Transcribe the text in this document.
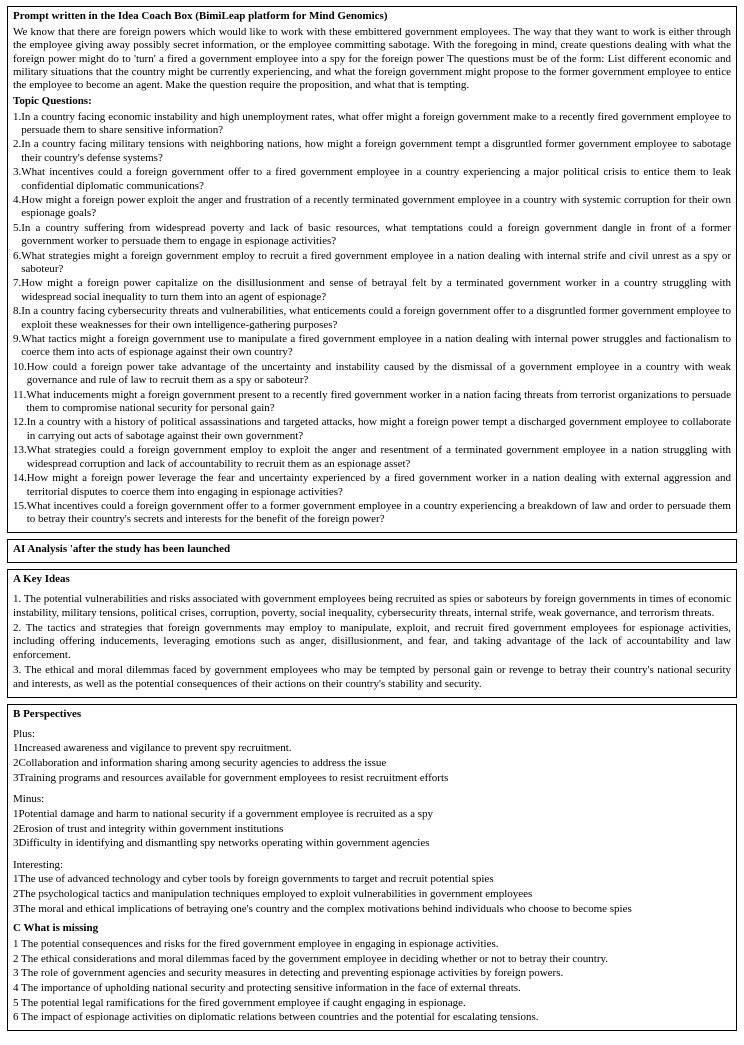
Prompt written in the Idea Coach Box (BimiLeap platform for Mind Genomics)
We know that there are foreign powers which would like to work with these embittered government employees. The way that they want to work is either through the employee giving away possibly secret information, or the employee committing sabotage. With the foregoing in mind, create questions dealing with what the foreign power might do to 'turn' a fired a government employee into a spy for the foreign power The questions must be of the form: List different economic and military situations that the country might be currently experiencing, and what the foreign government might propose to the former government employee to entice the employee to become an agent. Make the question require the proposition, and what that is tempting.
Topic Questions:
1. In a country facing economic instability and high unemployment rates, what offer might a foreign government make to a recently fired government employee to persuade them to share sensitive information?
2. In a country facing military tensions with neighboring nations, how might a foreign government tempt a disgruntled former government employee to sabotage their country's defense systems?
3. What incentives could a foreign government offer to a fired government employee in a country experiencing a major political crisis to entice them to leak confidential diplomatic communications?
4. How might a foreign power exploit the anger and frustration of a recently terminated government employee in a country with systemic corruption for their own espionage goals?
5. In a country suffering from widespread poverty and lack of basic resources, what temptations could a foreign government dangle in front of a former government worker to persuade them to engage in espionage activities?
6. What strategies might a foreign government employ to recruit a fired government employee in a nation dealing with internal strife and civil unrest as a spy or saboteur?
7. How might a foreign power capitalize on the disillusionment and sense of betrayal felt by a terminated government worker in a country struggling with widespread social inequality to turn them into an agent of espionage?
8. In a country facing cybersecurity threats and vulnerabilities, what enticements could a foreign government offer to a disgruntled former government employee to exploit these weaknesses for their own intelligence-gathering purposes?
9. What tactics might a foreign government use to manipulate a fired government employee in a nation dealing with internal power struggles and factionalism to coerce them into acts of espionage against their own country?
10. How could a foreign power take advantage of the uncertainty and instability caused by the dismissal of a government employee in a country with weak governance and rule of law to recruit them as a spy or saboteur?
11. What inducements might a foreign government present to a recently fired government worker in a nation facing threats from terrorist organizations to persuade them to compromise national security for personal gain?
12. In a country with a history of political assassinations and targeted attacks, how might a foreign power tempt a discharged government employee to collaborate in carrying out acts of sabotage against their own government?
13. What strategies could a foreign government employ to exploit the anger and resentment of a terminated government employee in a nation struggling with widespread corruption and lack of accountability to recruit them as an espionage asset?
14. How might a foreign power leverage the fear and uncertainty experienced by a fired government worker in a nation dealing with external aggression and territorial disputes to coerce them into engaging in espionage activities?
15. What incentives could a foreign government offer to a former government employee in a country experiencing a breakdown of law and order to persuade them to betray their country's secrets and interests for the benefit of the foreign power?
AI Analysis 'after the study has been launched
A Key Ideas
1. The potential vulnerabilities and risks associated with government employees being recruited as spies or saboteurs by foreign governments in times of economic instability, military tensions, political crises, corruption, poverty, social inequality, cybersecurity threats, internal strife, weak governance, and terrorism threats.
2. The tactics and strategies that foreign governments may employ to manipulate, exploit, and recruit fired government employees for espionage activities, including offering inducements, leveraging emotions such as anger, disillusionment, and fear, and taking advantage of the lack of accountability and law enforcement.
3. The ethical and moral dilemmas faced by government employees who may be tempted by personal gain or revenge to betray their country's national security and interests, as well as the potential consequences of their actions on their country's stability and security.
B Perspectives
Plus:
1Increased awareness and vigilance to prevent spy recruitment.
2Collaboration and information sharing among security agencies to address the issue
3Training programs and resources available for government employees to resist recruitment efforts
Minus:
1Potential damage and harm to national security if a government employee is recruited as a spy
2Erosion of trust and integrity within government institutions
3Difficulty in identifying and dismantling spy networks operating within government agencies
Interesting:
1The use of advanced technology and cyber tools by foreign governments to target and recruit potential spies
2The psychological tactics and manipulation techniques employed to exploit vulnerabilities in government employees
3The moral and ethical implications of betraying one's country and the complex motivations behind individuals who choose to become spies
C What is missing
1 The potential consequences and risks for the fired government employee in engaging in espionage activities.
2 The ethical considerations and moral dilemmas faced by the government employee in deciding whether or not to betray their country.
3 The role of government agencies and security measures in detecting and preventing espionage activities by foreign powers.
4 The importance of upholding national security and protecting sensitive information in the face of external threats.
5 The potential legal ramifications for the fired government employee if caught engaging in espionage.
6 The impact of espionage activities on diplomatic relations between countries and the potential for escalating tensions.
